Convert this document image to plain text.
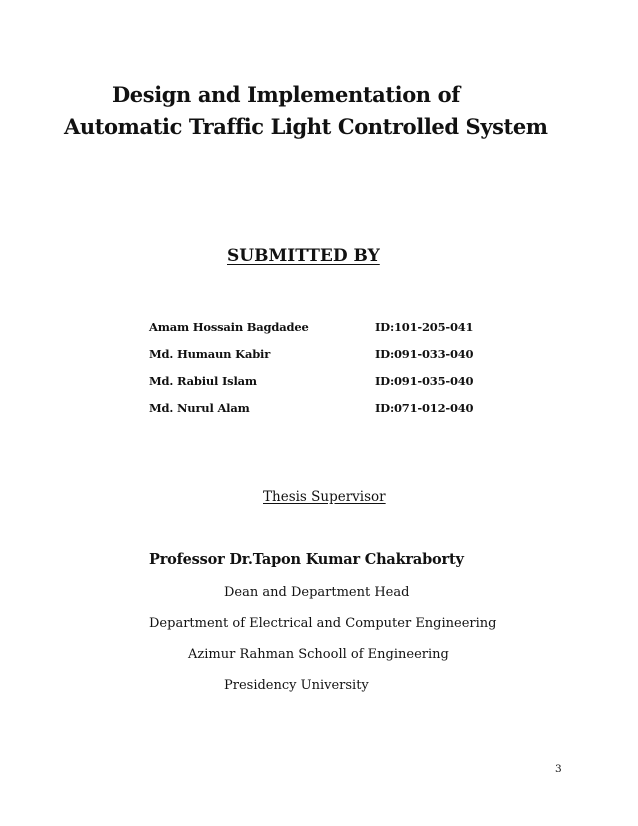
Design and Implementation of
Automatic Traffic Light Controlled System
SUBMITTED BY
Amam Hossain Bagdadee	ID:101-205-041
Md. Humaun Kabir	ID:091-033-040
Md. Rabiul Islam	ID:091-035-040
Md. Nurul Alam	ID:071-012-040
Thesis Supervisor
Professor Dr.Tapon Kumar Chakraborty
Dean and Department Head
Department of Electrical and Computer Engineering
Azimur Rahman Schooll of Engineering
Presidency University
3
